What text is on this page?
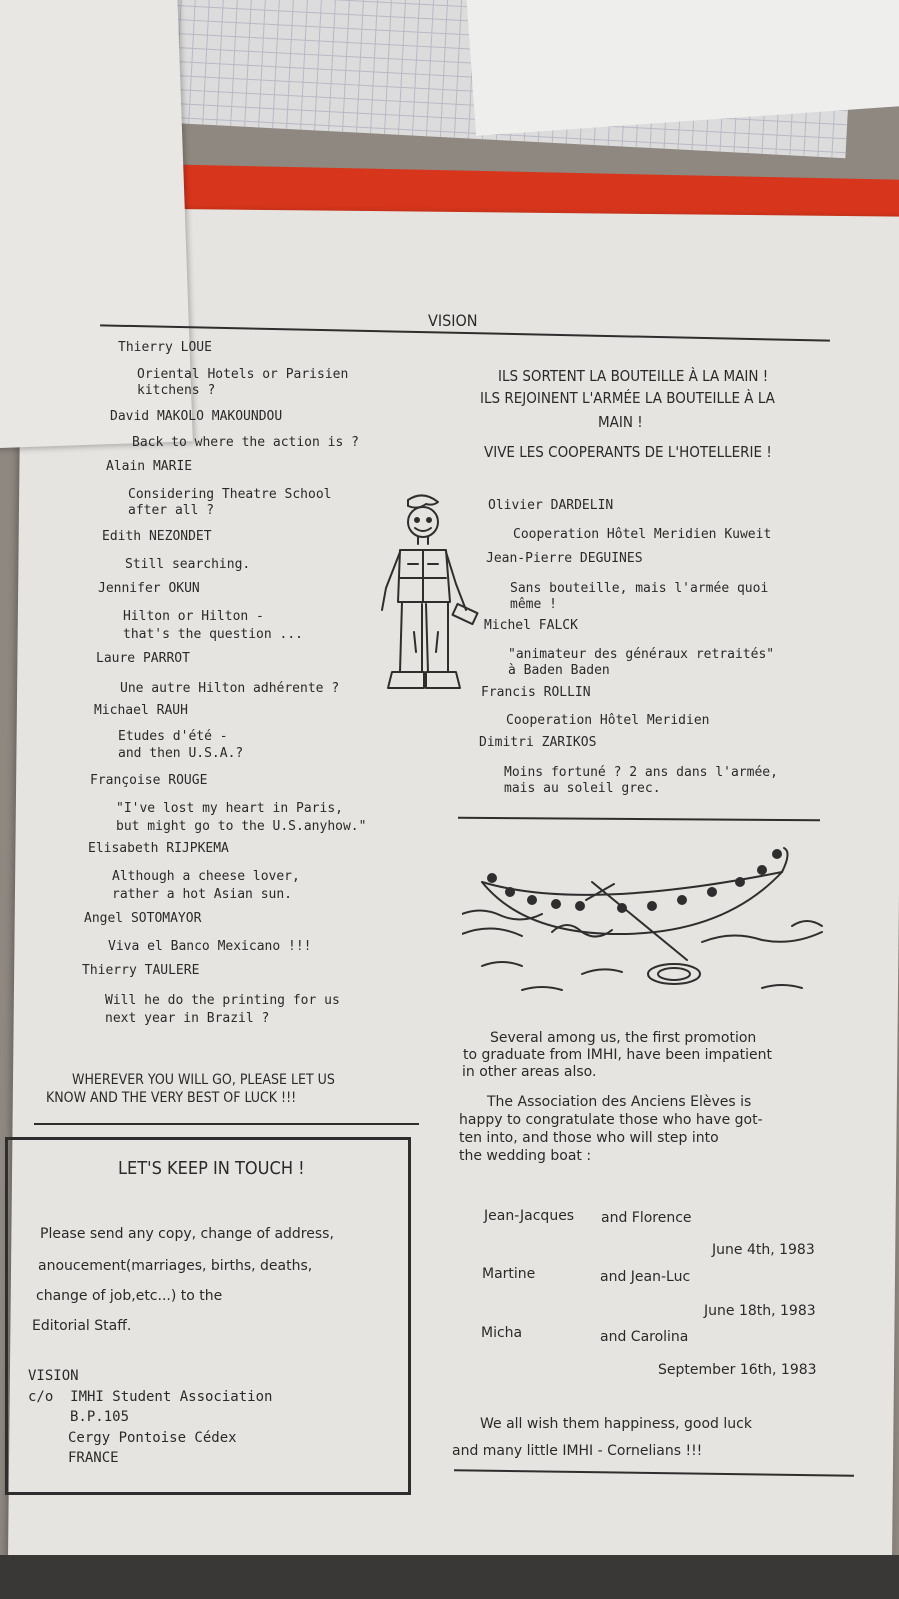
VISION
Thierry LOUE
Oriental Hotels or Parisien
kitchens ?
David MAKOLO MAKOUNDOU
Back to where the action is ?
Alain MARIE
Considering Theatre School
after all ?
Edith NEZONDET
Still searching.
Jennifer OKUN
Hilton or Hilton -
that's the question ...
Laure PARROT
Une autre Hilton adhérente ?
Michael RAUH
Etudes d'été -
and then U.S.A.?
Françoise ROUGE
"I've lost my heart in Paris,
but might go to the U.S.anyhow."
Elisabeth RIJPKEMA
Although a cheese lover,
rather a hot Asian sun.
Angel SOTOMAYOR
Viva el Banco Mexicano !!!
Thierry TAULERE
Will he do the printing for us
next year in Brazil ?
WHEREVER YOU WILL GO, PLEASE LET US
KNOW AND THE VERY BEST OF LUCK !!!
LET'S KEEP IN TOUCH !
Please send any copy, change of address,
anoucement(marriages, births, deaths,
change of job,etc...) to the
Editorial Staff.
VISION
c/o  IMHI Student Association
B.P.105
Cergy Pontoise Cédex
FRANCE
ILS SORTENT LA BOUTEILLE À LA MAIN !
ILS REJOINENT L'ARMÉE LA BOUTEILLE À LA
MAIN !
VIVE LES COOPERANTS DE L'HOTELLERIE !
Olivier DARDELIN
Cooperation Hôtel Meridien Kuweit
Jean-Pierre DEGUINES
Sans bouteille, mais l'armée quoi
même !
Michel FALCK
"animateur des généraux retraités"
à Baden Baden
Francis ROLLIN
Cooperation Hôtel Meridien
Dimitri ZARIKOS
Moins fortuné ? 2 ans dans l'armée,
mais au soleil grec.
Several among us, the first promotion
to graduate from IMHI, have been impatient
in other areas also.
The Association des Anciens Elèves is
happy to congratulate those who have got-
ten into, and those who will step into
the wedding boat :
Jean-Jacques and Florence
June 4th, 1983
Martine	and Jean-Luc
June 18th, 1983
Micha	and Carolina
September 16th, 1983
We all wish them happiness, good luck
and many little IMHI - Cornelians !!!
